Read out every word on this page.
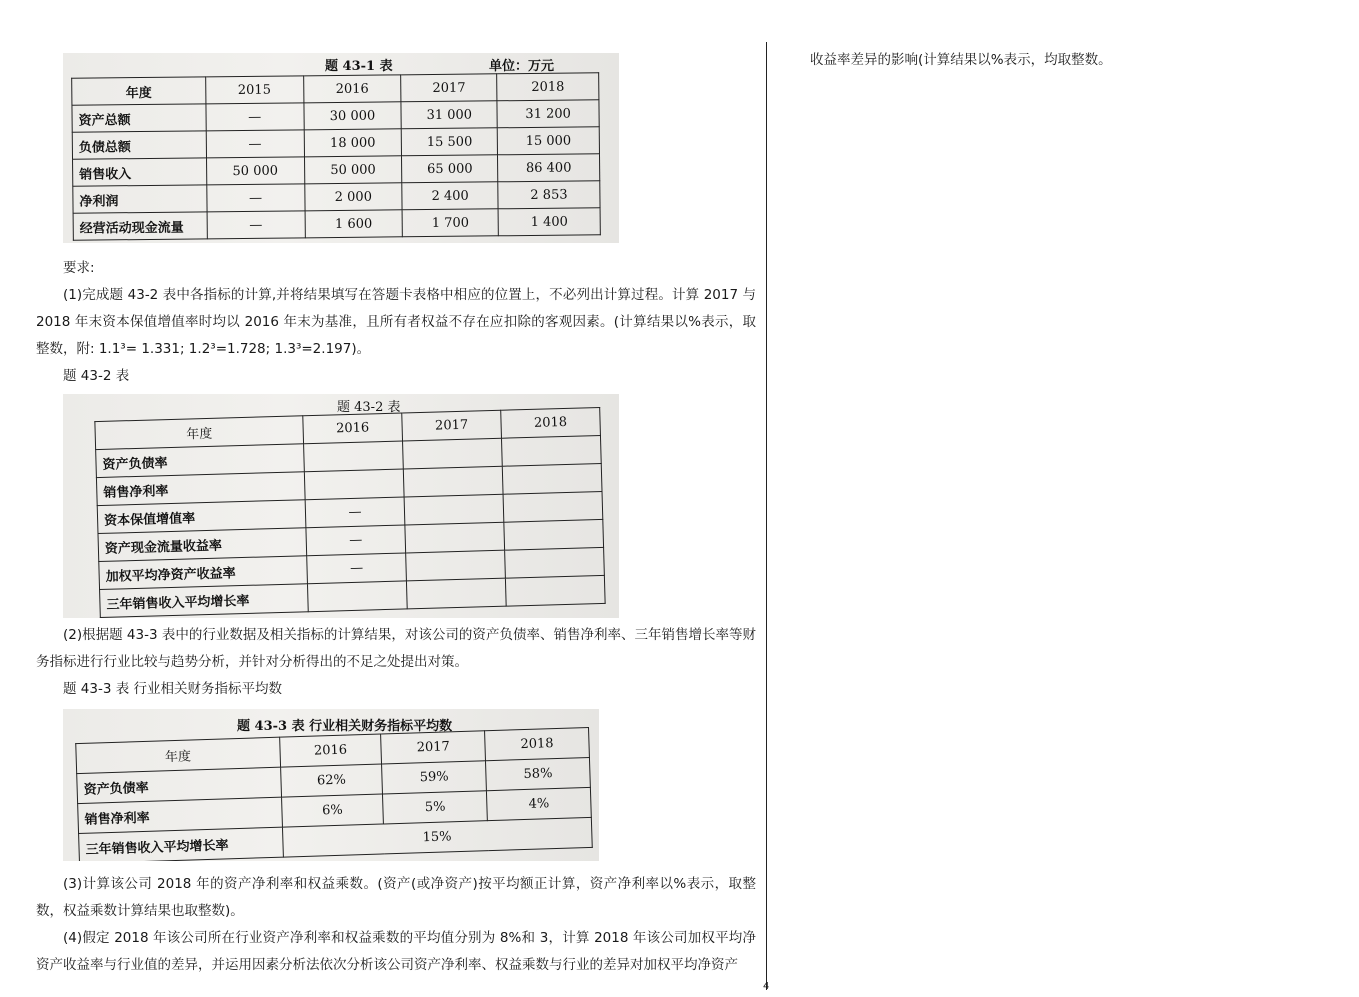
题 43-1 表	单位：万元
年度	2015	2016	2017	2018
资产总额	—	30 000	31 000	31 200
负债总额	—	18 000	15 500	15 000
销售收入	50 000	50 000	65 000	86 400
净利润	—	2 000	2 400	2 853
经营活动现金流量	—	1 600	1 700	1 400

要求:

(1)完成题 43-2 表中各指标的计算,并将结果填写在答题卡表格中相应的位置上，不必列出计算过程。计算 2017 与 2018 年末资本保值增值率时均以 2016 年末为基准，且所有者权益不存在应扣除的客观因素。(计算结果以%表示，取整数，附: 1.1³= 1.331; 1.2³=1.728; 1.3³=2.197)。

题 43-2 表

题 43-2 表
年度	2016	2017	2018
资产负债率			
销售净利率			
资本保值增值率	—		
资产现金流量收益率	—		
加权平均净资产收益率	—		
三年销售收入平均增长率			

(2)根据题 43-3 表中的行业数据及相关指标的计算结果，对该公司的资产负债率、销售净利率、三年销售增长率等财务指标进行行业比较与趋势分析，并针对分析得出的不足之处提出对策。

题 43-3 表 行业相关财务指标平均数

题 43-3 表 行业相关财务指标平均数
年度	2016	2017	2018
资产负债率	62%	59%	58%
销售净利率	6%	5%	4%
三年销售收入平均增长率	15%		

(3)计算该公司 2018 年的资产净利率和权益乘数。(资产(或净资产)按平均额正计算，资产净利率以%表示，取整数，权益乘数计算结果也取整数)。

(4)假定 2018 年该公司所在行业资产净利率和权益乘数的平均值分别为 8%和 3，计算 2018 年该公司加权平均净资产收益率与行业值的差异，并运用因素分析法依次分析该公司资产净利率、权益乘数与行业的差异对加权平均净资产

收益率差异的影响(计算结果以%表示，均取整数。

4
